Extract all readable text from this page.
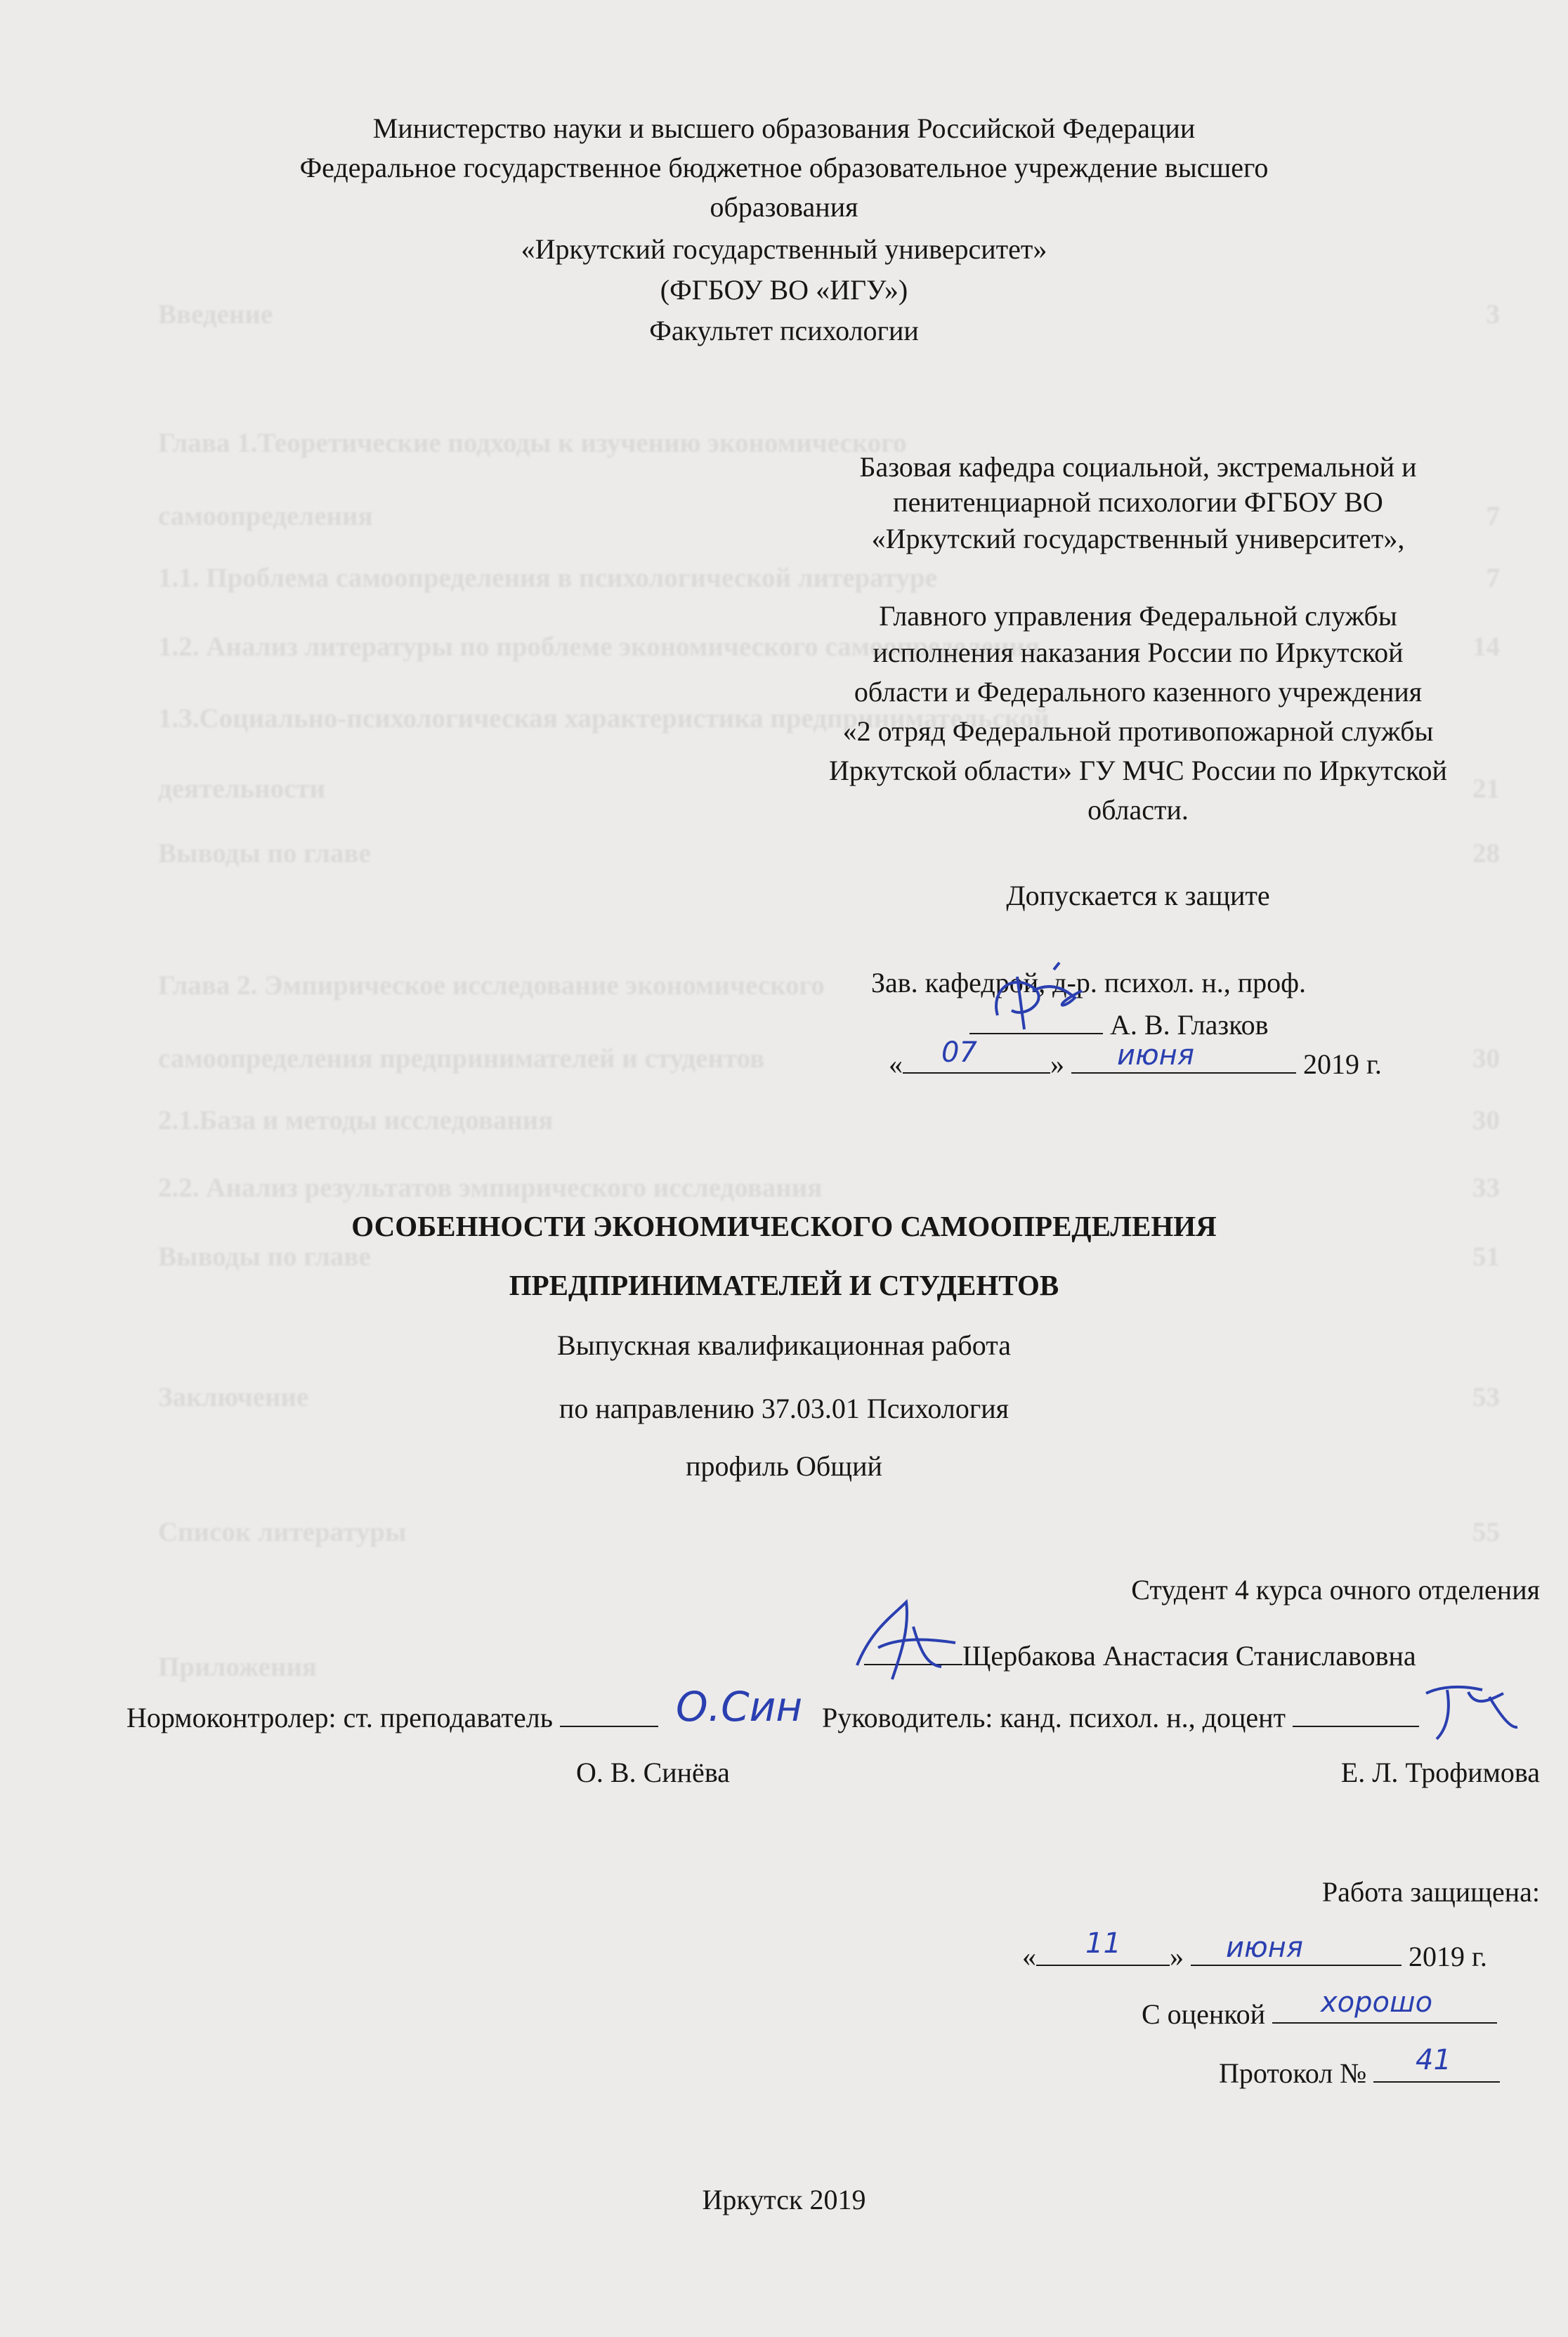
Введение	3
Глава 1.Теоретические подходы к изучению экономического
самоопределения	7
1.1. Проблема самоопределения в психологической литературе	7
1.2. Анализ литературы по проблеме экономического самоопределения	14
1.3.Социально-психологическая характеристика предпринимательской
деятельности	21
Выводы по главе	28
Глава 2. Эмпирическое исследование экономического
самоопределения предпринимателей и студентов	30
2.1.База и методы исследования	30
2.2. Анализ результатов эмпирического исследования	33
Выводы по главе	51
Заключение	53
Список литературы	55
Приложения
Министерство науки и высшего образования Российской Федерации
Федеральное государственное бюджетное образовательное учреждение высшего
образования
«Иркутский государственный университет»
(ФГБОУ ВО «ИГУ»)
Факультет психологии
Базовая кафедра социальной, экстремальной и
пенитенциарной психологии ФГБОУ ВО
«Иркутский государственный университет»,
Главного управления Федеральной службы
исполнения наказания России по Иркутской
области и Федерального казенного учреждения
«2 отряд Федеральной противопожарной службы
Иркутской области» ГУ МЧС России по Иркутской
области.
Допускается к защите
Зав. кафедрой, д-р. психол. н., проф.
А. В. Глазков
«	»	2019 г.
07	июня
ОСОБЕННОСТИ ЭКОНОМИЧЕСКОГО САМООПРЕДЕЛЕНИЯ
ПРЕДПРИНИМАТЕЛЕЙ И СТУДЕНТОВ
Выпускная квалификационная работа
по направлению 37.03.01 Психология
профиль Общий
Студент 4 курса очного отделения
Щербакова Анастасия Станиславовна
Нормоконтролер: ст. преподаватель	О.Син Руководитель: канд. психол. н., доцент
О. В. Синёва	Е. Л. Трофимова
Работа защищена:
«	»	2019 г.
11	июня
С оценкой	хорошо
Протокол №	41
Иркутск 2019
